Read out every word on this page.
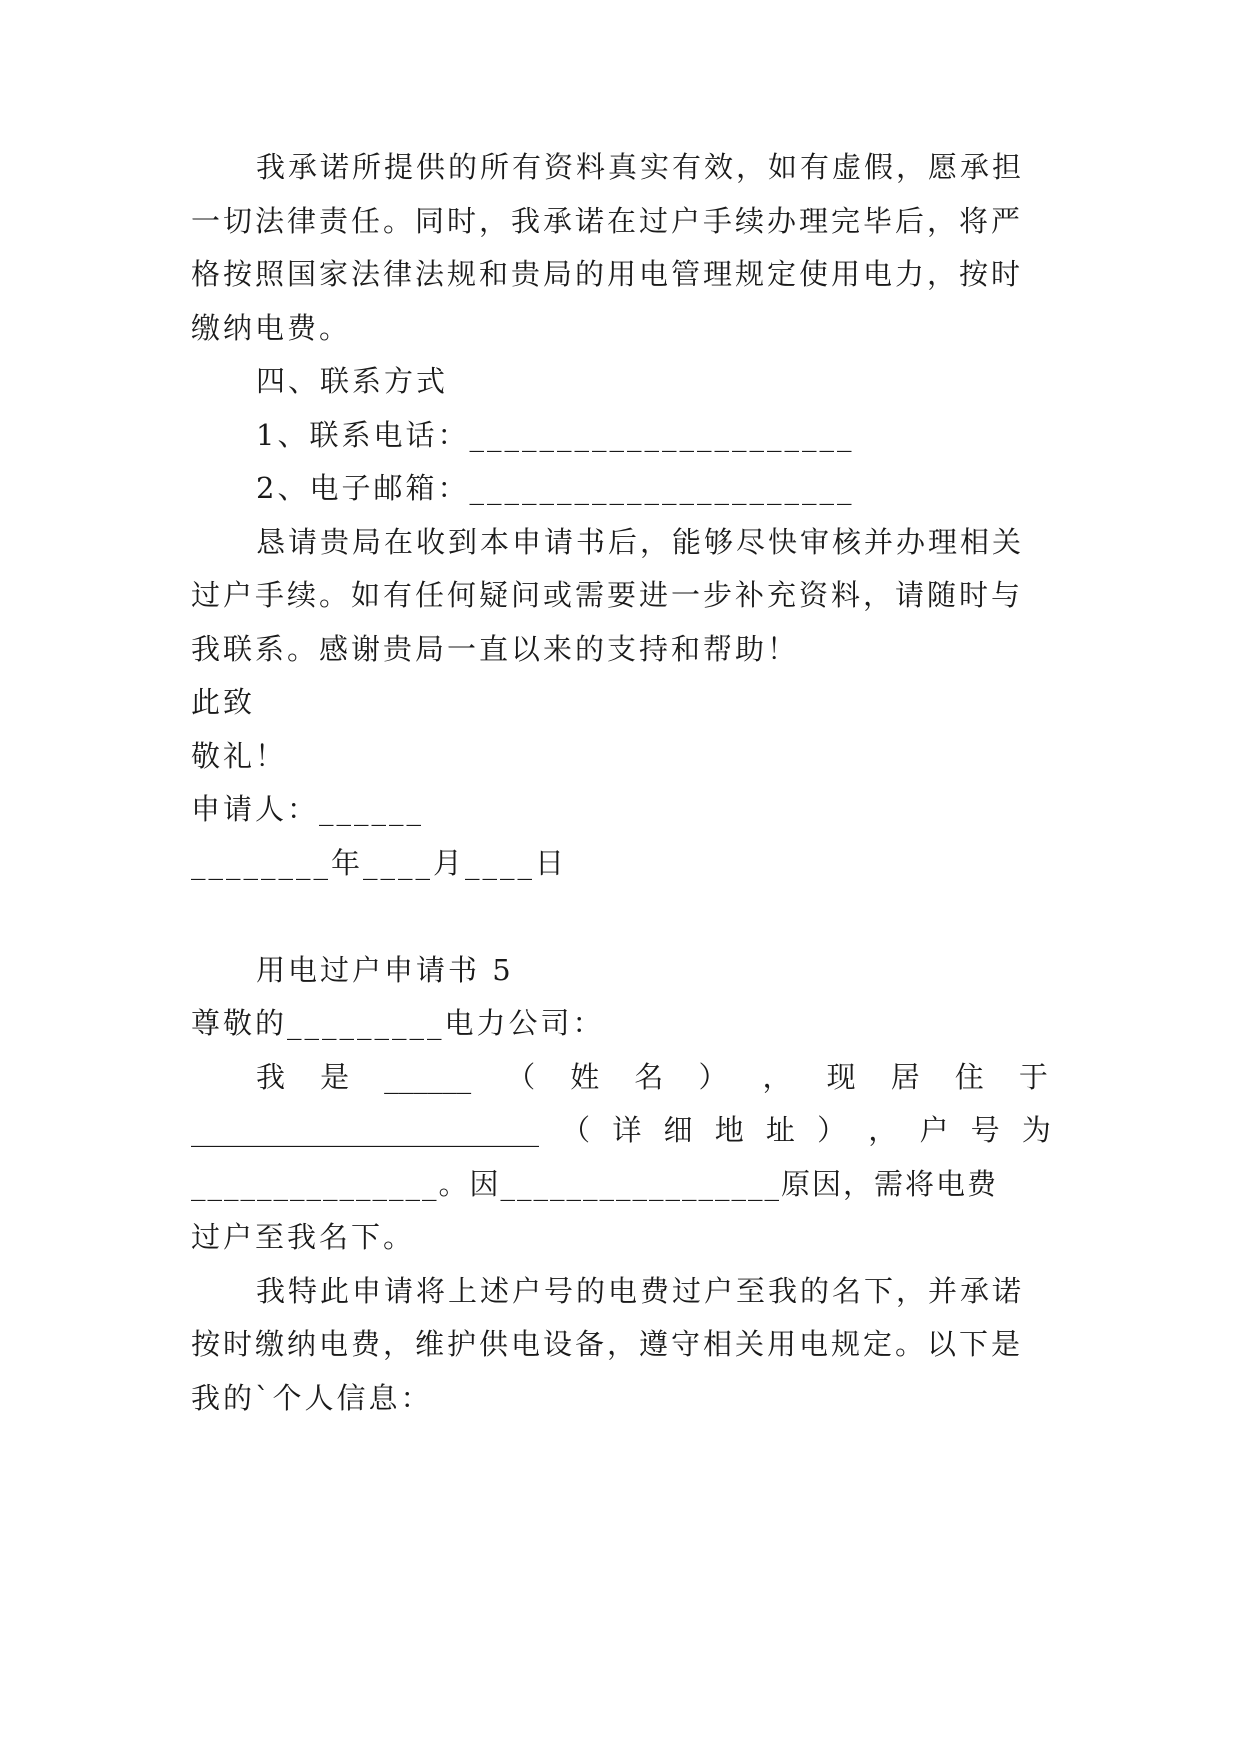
我承诺所提供的所有资料真实有效，如有虚假，愿承担
一切法律责任。同时，我承诺在过户手续办理完毕后，将严
格按照国家法律法规和贵局的用电管理规定使用电力，按时
缴纳电费。
四、联系方式
1、联系电话：______________________
2、电子邮箱：______________________
恳请贵局在收到本申请书后，能够尽快审核并办理相关
过户手续。如有任何疑问或需要进一步补充资料，请随时与
我联系。感谢贵局一直以来的支持和帮助！
此致
敬礼！
申请人：______
________年____月____日
用电过户申请书 5
尊敬的_________电力公司：
我 是 ______ （ 姓 名 ） ， 现 居 住 于
________________________ （ 详 细 地 址 ） ， 户 号 为
_______________。因_________________原因，需将电费
过户至我名下。
我特此申请将上述户号的电费过户至我的名下，并承诺
按时缴纳电费，维护供电设备，遵守相关用电规定。以下是
我的`个人信息：
